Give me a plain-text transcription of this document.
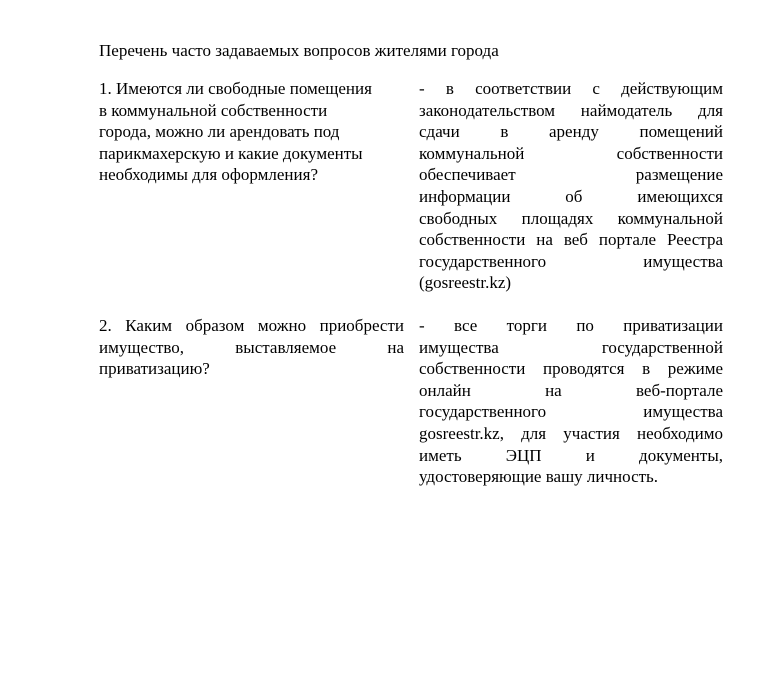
Перечень часто задаваемых вопросов жителями города
1. Имеются ли свободные помещения
в коммунальной собственности
города, можно ли арендовать под
парикмахерскую и какие документы
необходимы для оформления?
- в соответствии с действующим
законодательством наймодатель для
сдачи в аренду помещений
коммунальной собственности
обеспечивает размещение
информации об имеющихся
свободных площадях коммунальной
собственности на веб портале Реестра
государственного имущества
(gosreestr.kz)
2. Каким образом можно приобрести
имущество, выставляемое на
приватизацию?
- все торги по приватизации
имущества государственной
собственности проводятся в режиме
онлайн на веб-портале
государственного имущества
gosreestr.kz, для участия необходимо
иметь ЭЦП и документы,
удостоверяющие вашу личность.
